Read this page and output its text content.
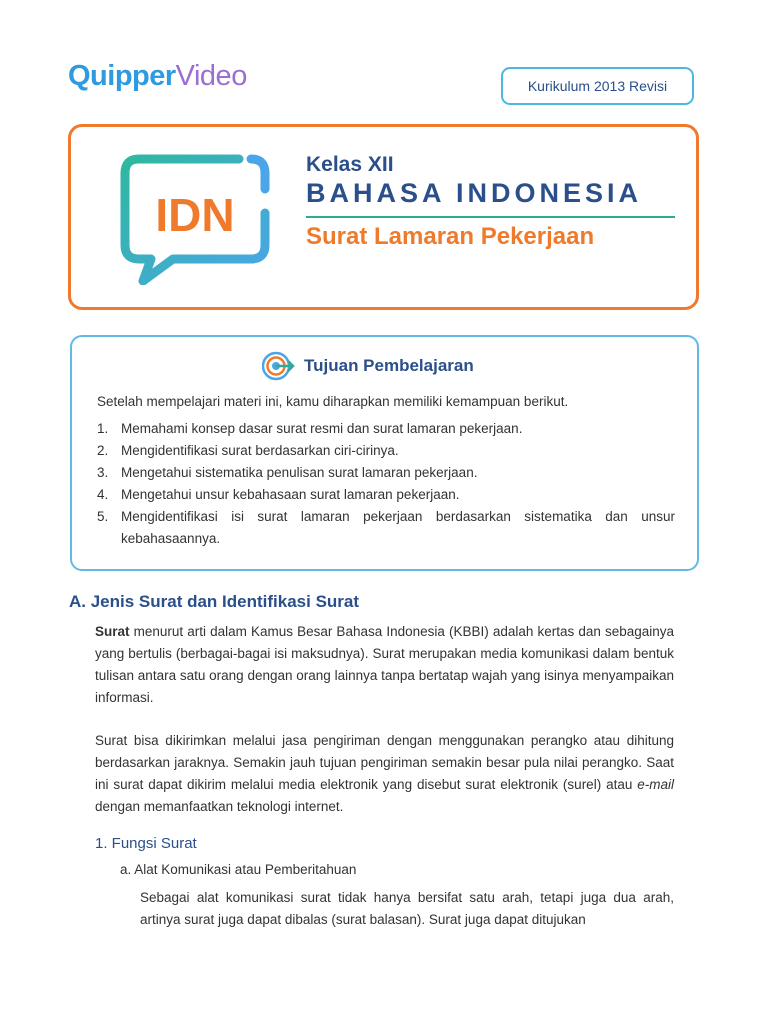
QuipperVideo	Kurikulum 2013 Revisi
IDN
Kelas XII
BAHASA INDONESIA
Surat Lamaran Pekerjaan
Tujuan Pembelajaran
Setelah mempelajari materi ini, kamu diharapkan memiliki kemampuan berikut.
1. Memahami konsep dasar surat resmi dan surat lamaran pekerjaan.
2. Mengidentifikasi surat berdasarkan ciri-cirinya.
3. Mengetahui sistematika penulisan surat lamaran pekerjaan.
4. Mengetahui unsur kebahasaan surat lamaran pekerjaan.
5. Mengidentifikasi isi surat lamaran pekerjaan berdasarkan sistematika dan unsur kebahasaannya.
A. Jenis Surat dan Identifikasi Surat

Surat menurut arti dalam Kamus Besar Bahasa Indonesia (KBBI) adalah kertas dan sebagainya yang bertulis (berbagai-bagai isi maksudnya). Surat merupakan media komunikasi dalam bentuk tulisan antara satu orang dengan orang lainnya tanpa bertatap wajah yang isinya menyampaikan informasi.

Surat bisa dikirimkan melalui jasa pengiriman dengan menggunakan perangko atau dihitung berdasarkan jaraknya. Semakin jauh tujuan pengiriman semakin besar pula nilai perangko. Saat ini surat dapat dikirim melalui media elektronik yang disebut surat elektronik (surel) atau e-mail dengan memanfaatkan teknologi internet.

1. Fungsi Surat
a. Alat Komunikasi atau Pemberitahuan

Sebagai alat komunikasi surat tidak hanya bersifat satu arah, tetapi juga dua arah, artinya surat juga dapat dibalas (surat balasan). Surat juga dapat ditujukan
